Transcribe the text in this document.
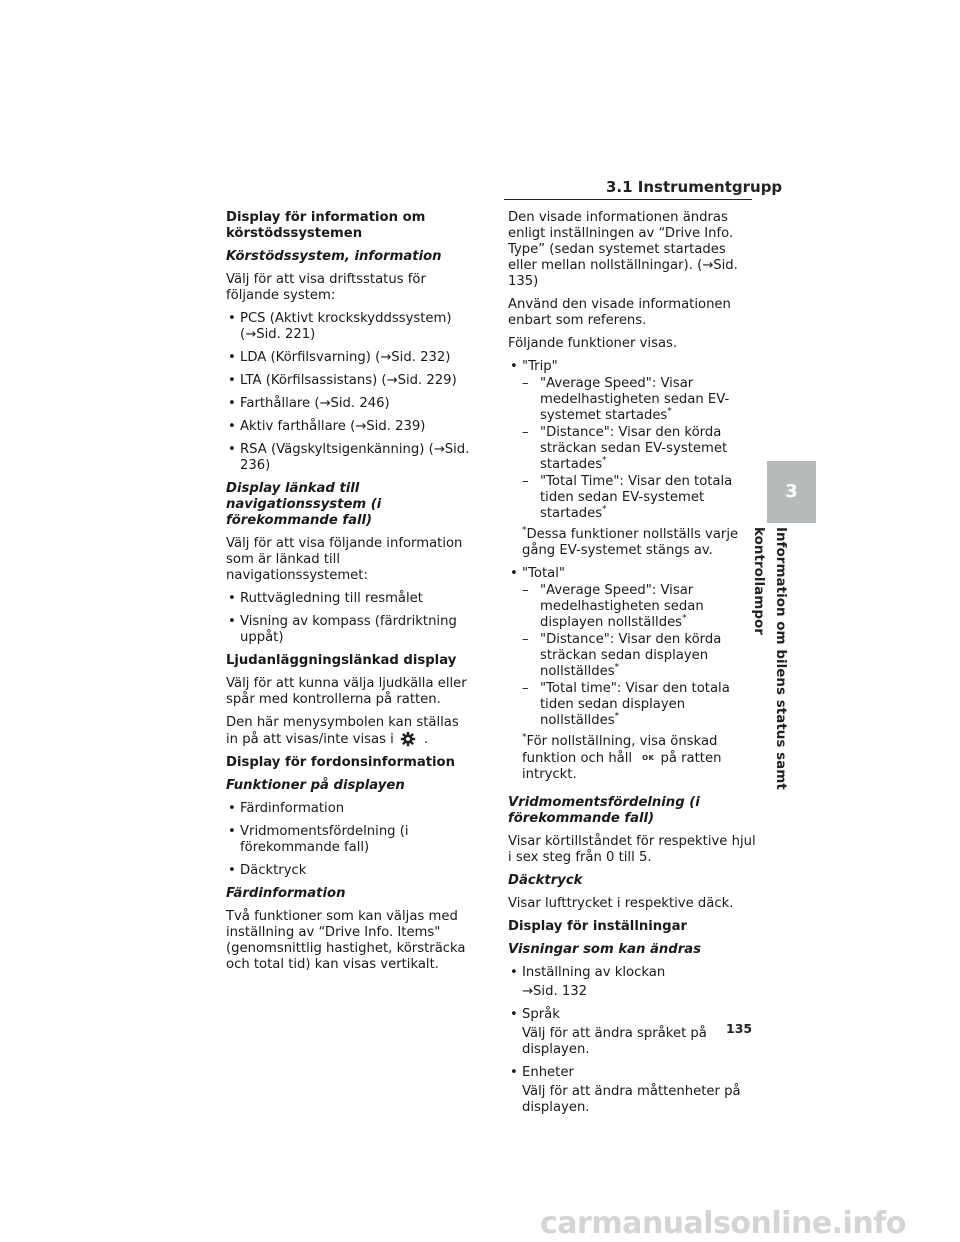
3.1 Instrumentgrupp

Display för information om körstödssystemen

Körstödssystem, information

Välj för att visa driftsstatus för följande system:

• PCS (Aktivt krockskyddssystem) (→Sid. 221)
• LDA (Körfilsvarning) (→Sid. 232)
• LTA (Körfilsassistans) (→Sid. 229)
• Farthållare (→Sid. 246)
• Aktiv farthållare (→Sid. 239)
• RSA (Vägskyltsigenkänning) (→Sid. 236)

Display länkad till navigationssystem (i förekommande fall)

Välj för att visa följande information som är länkad till navigationssystemet:

• Ruttvägledning till resmålet
• Visning av kompass (färdriktning uppåt)

Ljudanläggningslänkad display

Välj för att kunna välja ljudkälla eller spår med kontrollerna på ratten.

Den här menysymbolen kan ställas in på att visas/inte visas i .

Display för fordonsinformation

Funktioner på displayen

• Färdinformation
• Vridmomentsfördelning (i förekommande fall)
• Däcktryck

Färdinformation

Två funktioner som kan väljas med inställning av “Drive Info. Items" (genomsnittlig hastighet, körsträcka och total tid) kan visas vertikalt.

Den visade informationen ändras enligt inställningen av “Drive Info. Type” (sedan systemet startades eller mellan nollställningar). (→Sid. 135)

Använd den visade informationen enbart som referens.

Följande funktioner visas.

• "Trip"
– "Average Speed": Visar medelhastigheten sedan EV-systemet startades*
– "Distance": Visar den körda sträckan sedan EV-systemet startades*
– "Total Time": Visar den totala tiden sedan EV-systemet startades*
*Dessa funktioner nollställs varje gång EV-systemet stängs av.
• "Total"
– "Average Speed": Visar medelhastigheten sedan displayen nollställdes*
– "Distance": Visar den körda sträckan sedan displayen nollställdes*
– "Total time": Visar den totala tiden sedan displayen nollställdes*
*För nollställning, visa önskad funktion och håll OK på ratten intryckt.

Vridmomentsfördelning (i förekommande fall)

Visar körtillståndet för respektive hjul i sex steg från 0 till 5.

Däcktryck

Visar lufttrycket i respektive däck.

Display för inställningar

Visningar som kan ändras

• Inställning av klockan
→Sid. 132
• Språk
Välj för att ändra språket på displayen.
• Enheter
Välj för att ändra måttenheter på displayen.
3
Information om bilens status samt kontrollampor
135
carmanualsonline.info
